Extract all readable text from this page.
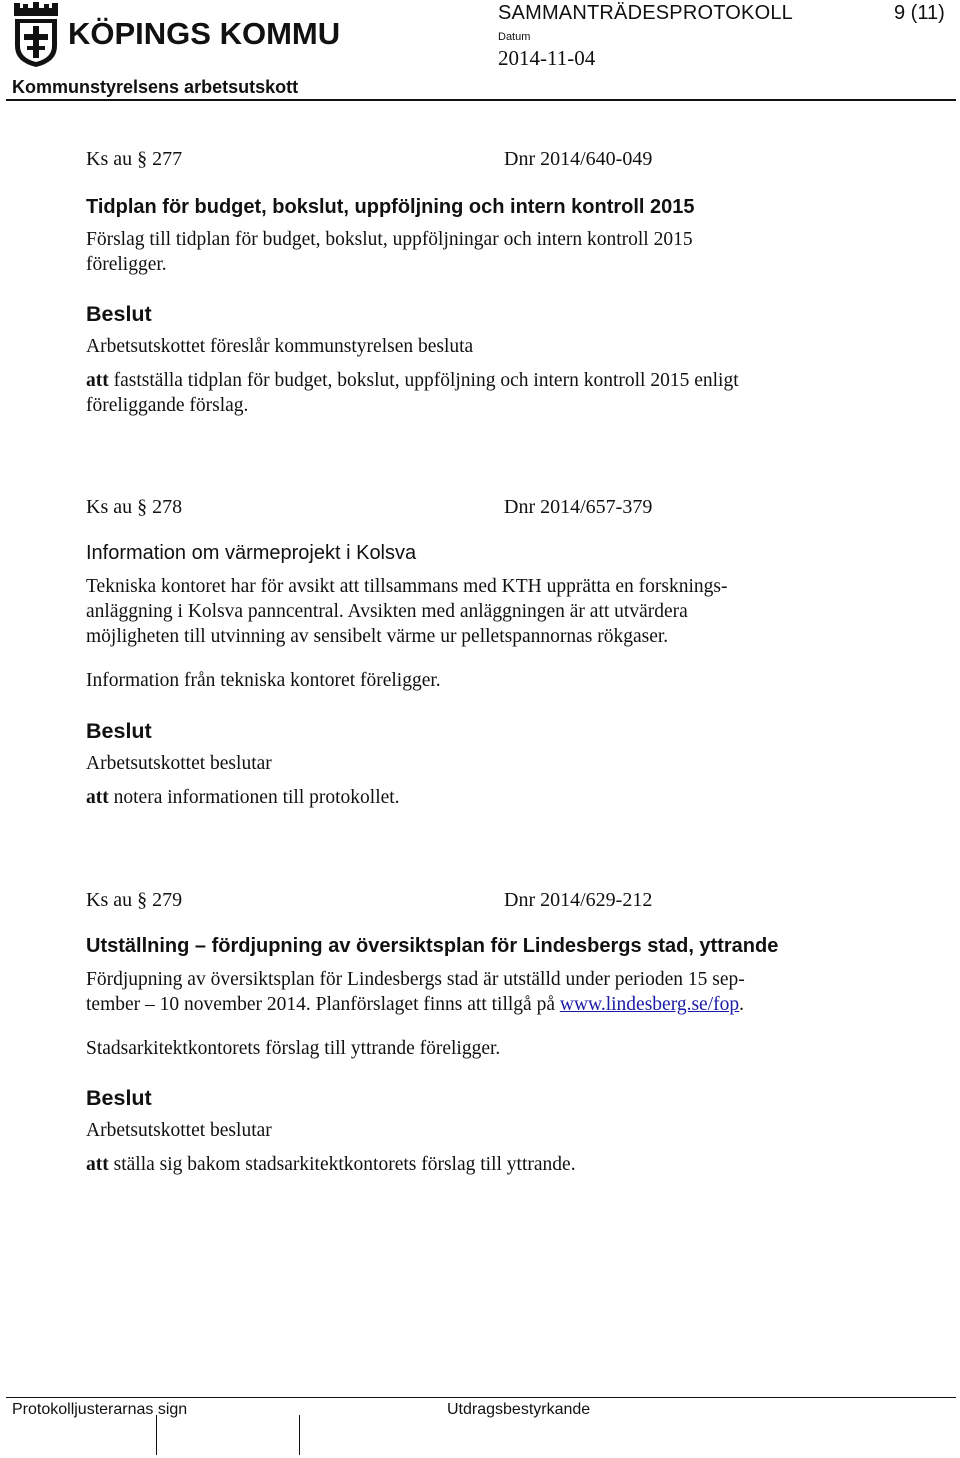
KÖPINGS KOMMUN
SAMMANTRÄDESPROTOKOLL	9 (11)
Datum
2014-11-04
Kommunstyrelsens arbetsutskott
Ks au § 277	Dnr 2014/640-049
Tidplan för budget, bokslut, uppföljning och intern kontroll 2015
Förslag till tidplan för budget, bokslut, uppföljningar och intern kontroll 2015
föreligger.
Beslut
Arbetsutskottet föreslår kommunstyrelsen besluta
att fastställa tidplan för budget, bokslut, uppföljning och intern kontroll 2015 enligt
föreliggande förslag.
Ks au § 278	Dnr 2014/657-379
Information om värmeprojekt i Kolsva
Tekniska kontoret har för avsikt att tillsammans med KTH upprätta en forsknings-
anläggning i Kolsva panncentral. Avsikten med anläggningen är att utvärdera
möjligheten till utvinning av sensibelt värme ur pelletspannornas rökgaser.
Information från tekniska kontoret föreligger.
Beslut
Arbetsutskottet beslutar
att notera informationen till protokollet.
Ks au § 279	Dnr 2014/629-212
Utställning – fördjupning av översiktsplan för Lindesbergs stad, yttrande
Fördjupning av översiktsplan för Lindesbergs stad är utställd under perioden 15 sep-
tember – 10 november 2014. Planförslaget finns att tillgå på www.lindesberg.se/fop.
Stadsarkitektkontorets förslag till yttrande föreligger.
Beslut
Arbetsutskottet beslutar
att ställa sig bakom stadsarkitektkontorets förslag till yttrande.
Protokolljusterarnas sign	Utdragsbestyrkande
